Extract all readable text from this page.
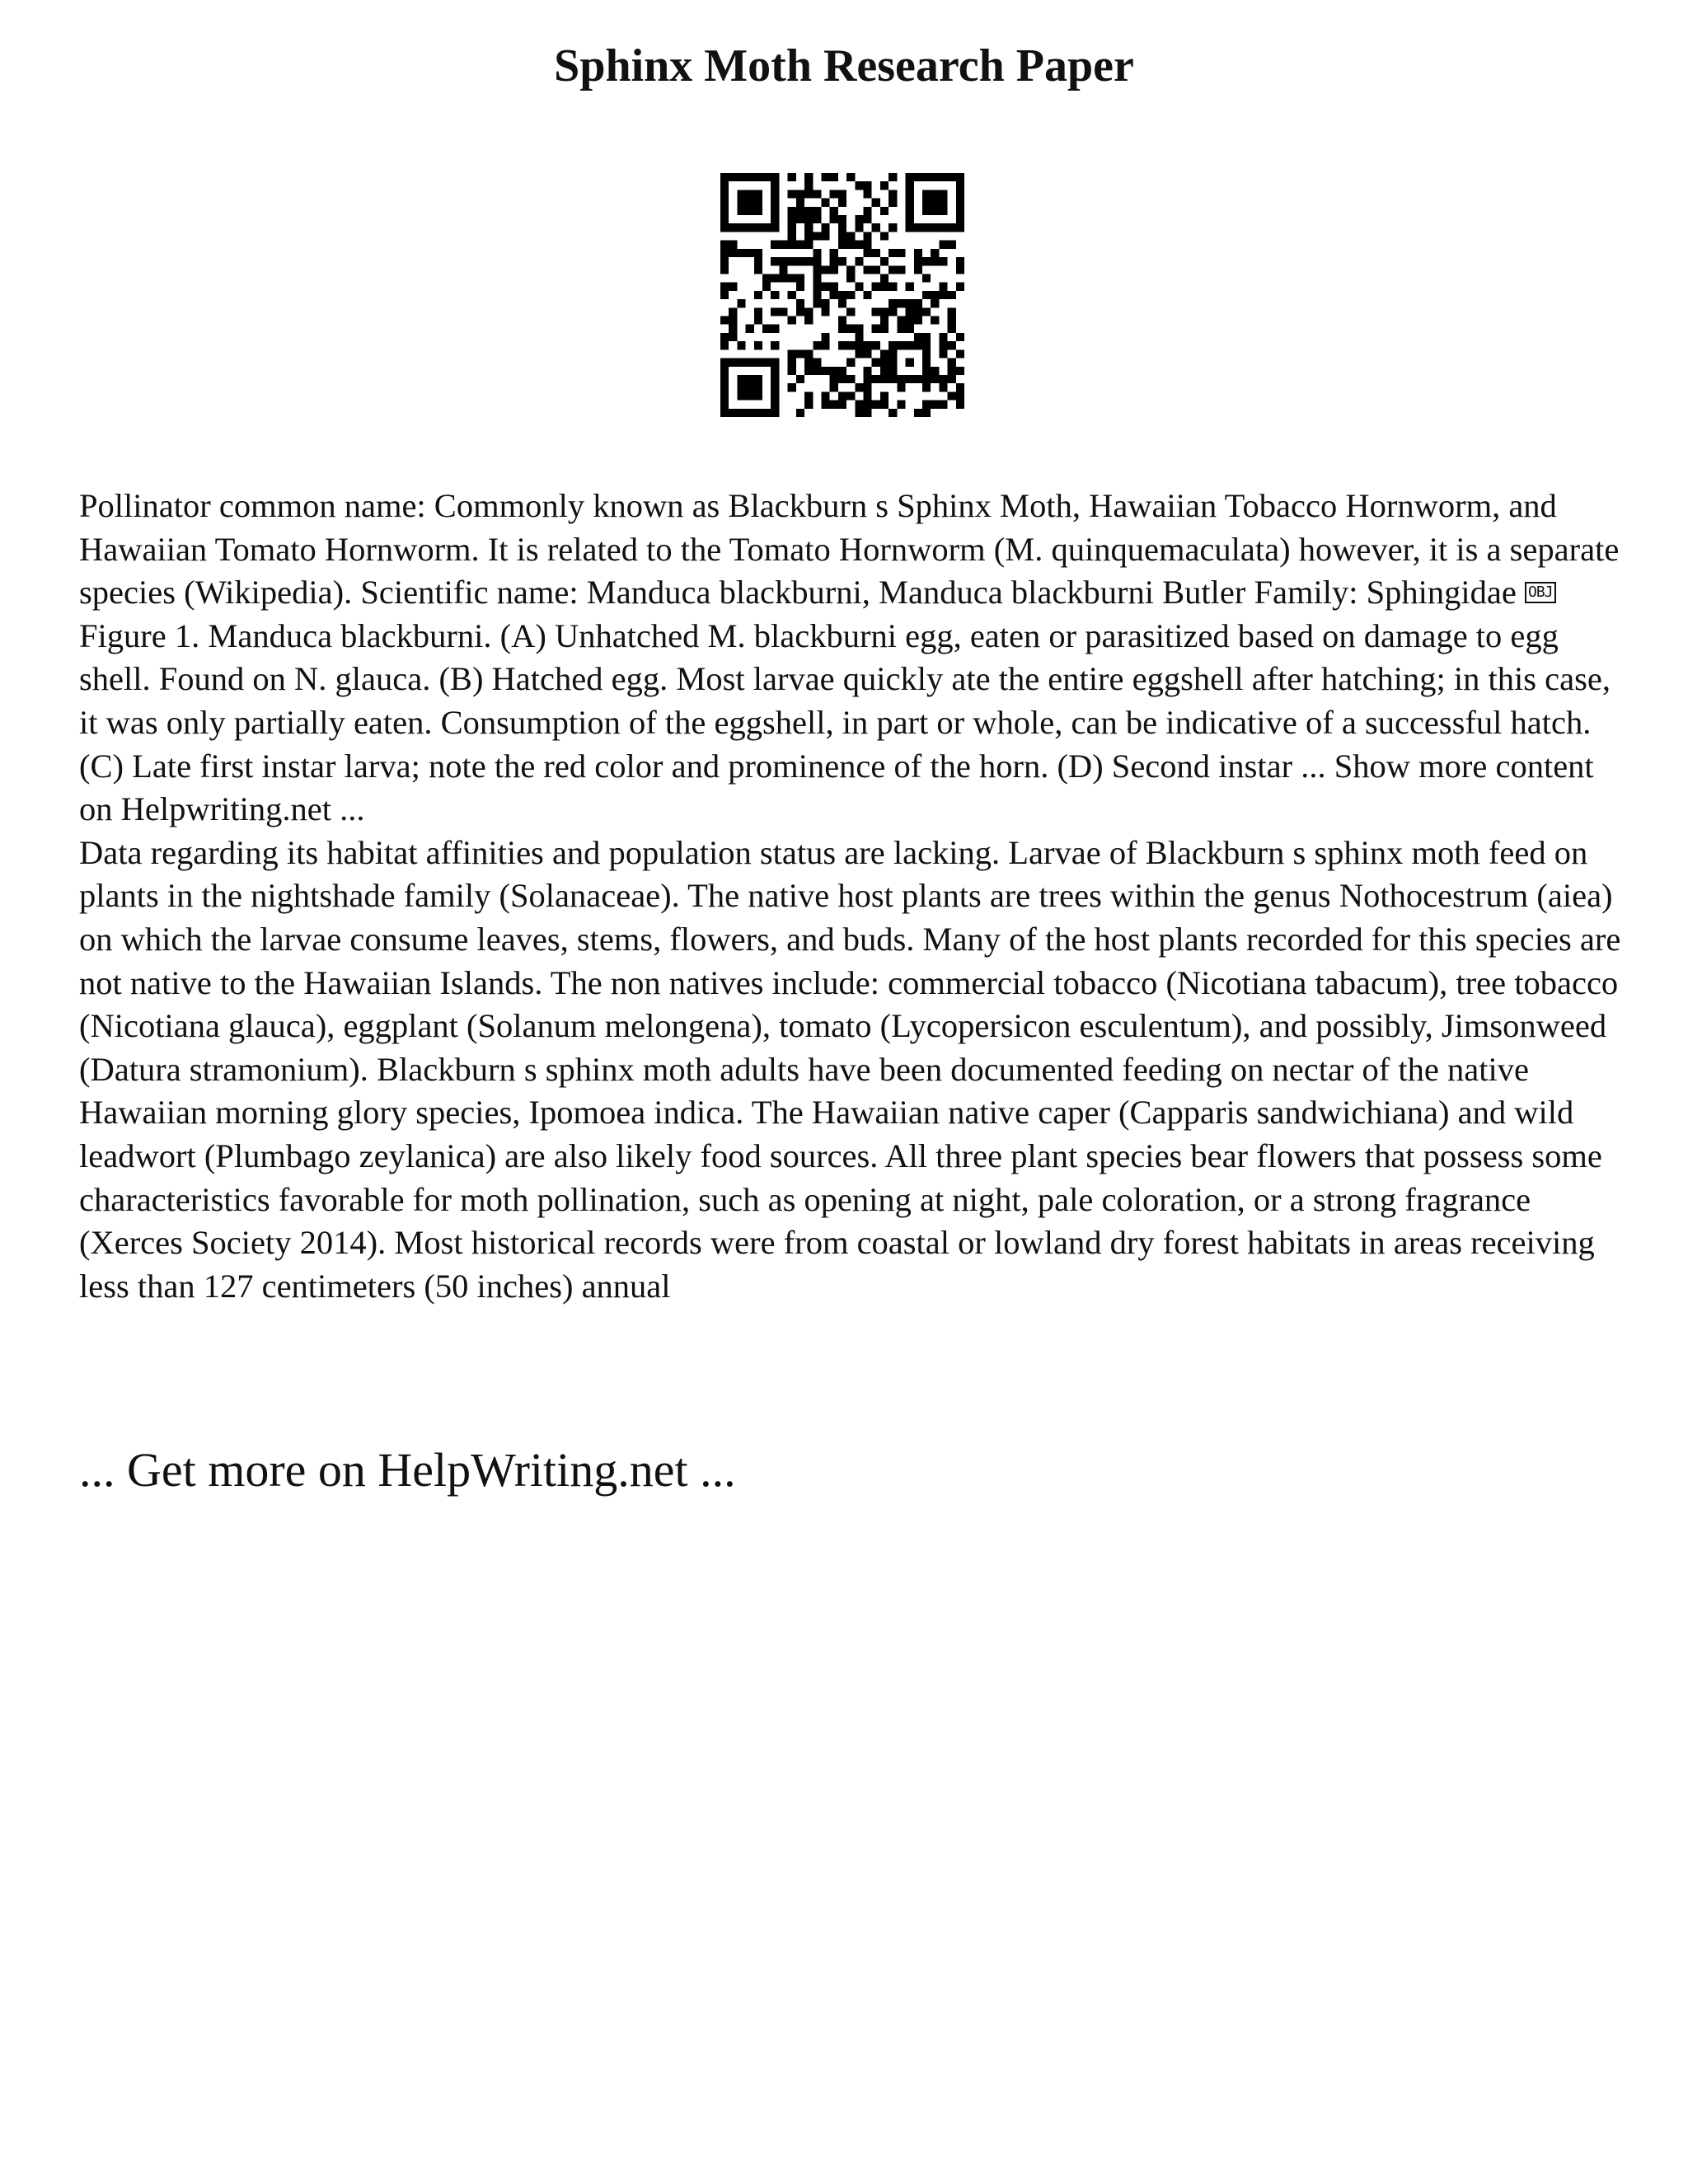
Sphinx Moth Research Paper

Pollinator common name: Commonly known as Blackburn s Sphinx Moth, Hawaiian Tobacco Hornworm, and Hawaiian Tomato Hornworm. It is related to the Tomato Hornworm (M. quinquemaculata) however, it is a separate species (Wikipedia). Scientific name: Manduca blackburni, Manduca blackburni Butler Family: Sphingidae OBJ Figure 1. Manduca blackburni. (A) Unhatched M. blackburni egg, eaten or parasitized based on damage to egg shell. Found on N. glauca. (B) Hatched egg. Most larvae quickly ate the entire eggshell after hatching; in this case, it was only partially eaten. Consumption of the eggshell, in part or whole, can be indicative of a successful hatch. (C) Late first instar larva; note the red color and prominence of the horn. (D) Second instar ... Show more content on Helpwriting.net ...

Data regarding its habitat affinities and population status are lacking. Larvae of Blackburn s sphinx moth feed on plants in the nightshade family (Solanaceae). The native host plants are trees within the genus Nothocestrum (aiea) on which the larvae consume leaves, stems, flowers, and buds. Many of the host plants recorded for this species are not native to the Hawaiian Islands. The non natives include: commercial tobacco (Nicotiana tabacum), tree tobacco (Nicotiana glauca), eggplant (Solanum melongena), tomato (Lycopersicon esculentum), and possibly, Jimsonweed (Datura stramonium). Blackburn s sphinx moth adults have been documented feeding on nectar of the native Hawaiian morning glory species, Ipomoea indica. The Hawaiian native caper (Capparis sandwichiana) and wild leadwort (Plumbago zeylanica) are also likely food sources. All three plant species bear flowers that possess some characteristics favorable for moth pollination, such as opening at night, pale coloration, or a strong fragrance (Xerces Society 2014). Most historical records were from coastal or lowland dry forest habitats in areas receiving less than 127 centimeters (50 inches) annual

... Get more on HelpWriting.net ...
